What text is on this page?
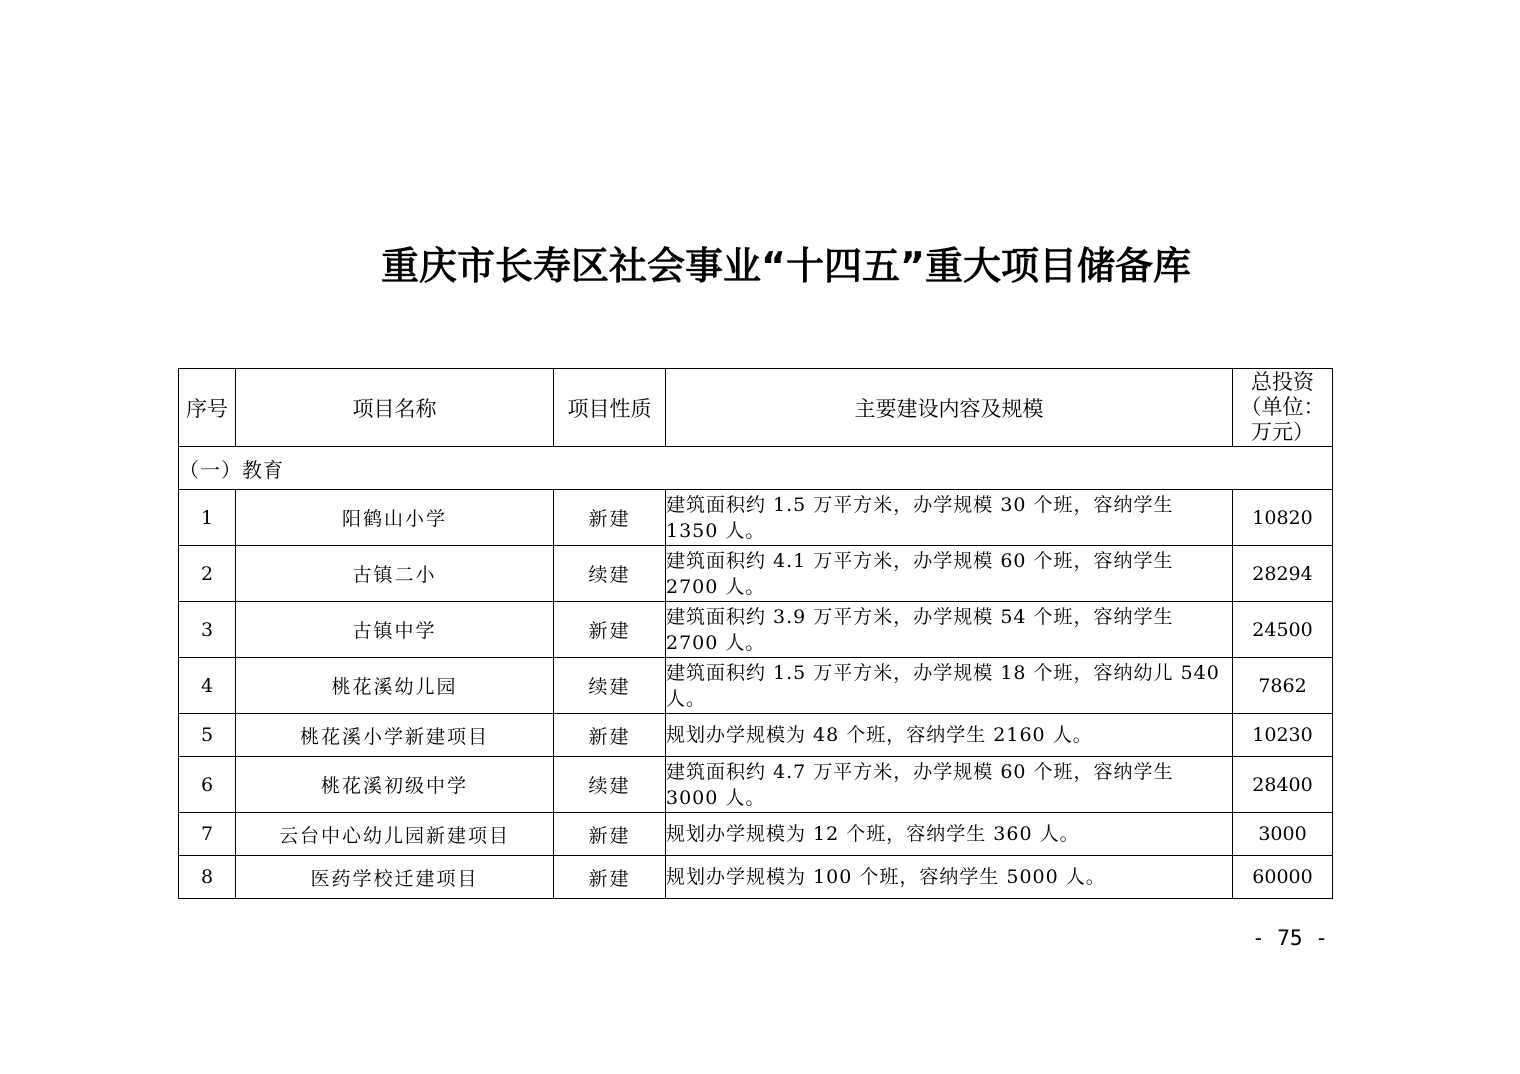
重庆市长寿区社会事业“十四五”重大项目储备库
序号	项目名称	项目性质	主要建设内容及规模	总投资
（单位：
万元）

（一）教育				
1	阳鹤山小学	新建	建筑面积约 1.5 万平方米，办学规模 30 个班，容纳学生 1350 人。	10820
2	古镇二小	续建	建筑面积约 4.1 万平方米，办学规模 60 个班，容纳学生 2700 人。	28294
3	古镇中学	新建	建筑面积约 3.9 万平方米，办学规模 54 个班，容纳学生 2700 人。	24500
4	桃花溪幼儿园	续建	建筑面积约 1.5 万平方米，办学规模 18 个班，容纳幼儿 540 人。	7862
5	桃花溪小学新建项目	新建	规划办学规模为 48 个班，容纳学生 2160 人。	10230
6	桃花溪初级中学	续建	建筑面积约 4.7 万平方米，办学规模 60 个班，容纳学生 3000 人。	28400
7	云台中心幼儿园新建项目	新建	规划办学规模为 12 个班，容纳学生 360 人。	3000
8	医药学校迁建项目	新建	规划办学规模为 100 个班，容纳学生 5000 人。	60000
- 75 -
